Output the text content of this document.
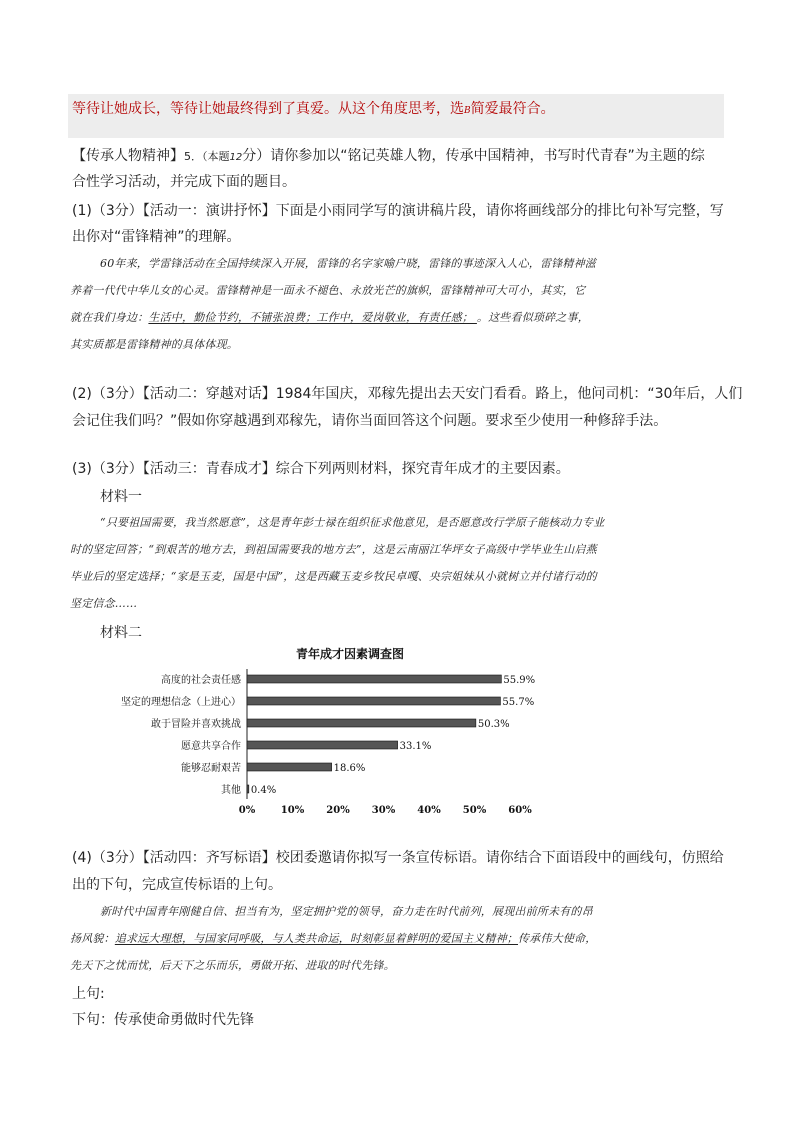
等待让她成长，等待让她最终得到了真爱。从这个角度思考，选B简爱最符合。
【传承人物精神】5．（本题12分）请你参加以“铭记英雄人物，传承中国精神，书写时代青春”为主题的综
合性学习活动，并完成下面的题目。
(1)（3分）【活动一：演讲抒怀】下面是小雨同学写的演讲稿片段，请你将画线部分的排比句补写完整，写
出你对“雷锋精神”的理解。
60年来，学雷锋活动在全国持续深入开展，雷锋的名字家喻户晓，雷锋的事迹深入人心，雷锋精神滋
养着一代代中华儿女的心灵。雷锋精神是一面永不褪色、永放光芒的旗帜，雷锋精神可大可小，其实，它
就在我们身边：生活中，勤俭节约，不铺张浪费；工作中，爱岗敬业，有责任感； 。这些看似琐碎之事，
其实质都是雷锋精神的具体体现。
(2)（3分）【活动二：穿越对话】1984年国庆，邓稼先提出去天安门看看。路上，他问司机：“30年后，人们
会记住我们吗？”假如你穿越遇到邓稼先，请你当面回答这个问题。要求至少使用一种修辞手法。
(3)（3分）【活动三：青春成才】综合下列两则材料，探究青年成才的主要因素。
材料一
“只要祖国需要，我当然愿意”，这是青年彭士禄在组织征求他意见，是否愿意改行学原子能核动力专业
时的坚定回答；“到艰苦的地方去，到祖国需要我的地方去”，这是云南丽江华坪女子高级中学毕业生山启燕
毕业后的坚定选择；“家是玉麦，国是中国”，这是西藏玉麦乡牧民卓嘎、央宗姐妹从小就树立并付诸行动的
坚定信念……
材料二
青年成才因素调查图
高度的社会责任感	55.9%
坚定的理想信念（上进心）	55.7%
敢于冒险并喜欢挑战	50.3%
愿意共享合作	33.1%
能够忍耐艰苦	18.6%
其他 0.4%
0%	10% 20% 30% 40% 50% 60%
(4)（3分）【活动四：齐写标语】校团委邀请你拟写一条宣传标语。请你结合下面语段中的画线句，仿照给
出的下句，完成宣传标语的上句。
新时代中国青年刚健自信、担当有为，坚定拥护党的领导，奋力走在时代前列，展现出前所未有的昂
扬风貌：追求远大理想，与国家同呼吸，与人类共命运，时刻彰显着鲜明的爱国主义精神；传承伟大使命，
先天下之忧而忧，后天下之乐而乐，勇做开拓、进取的时代先锋。
上句:
下句：传承使命勇做时代先锋
